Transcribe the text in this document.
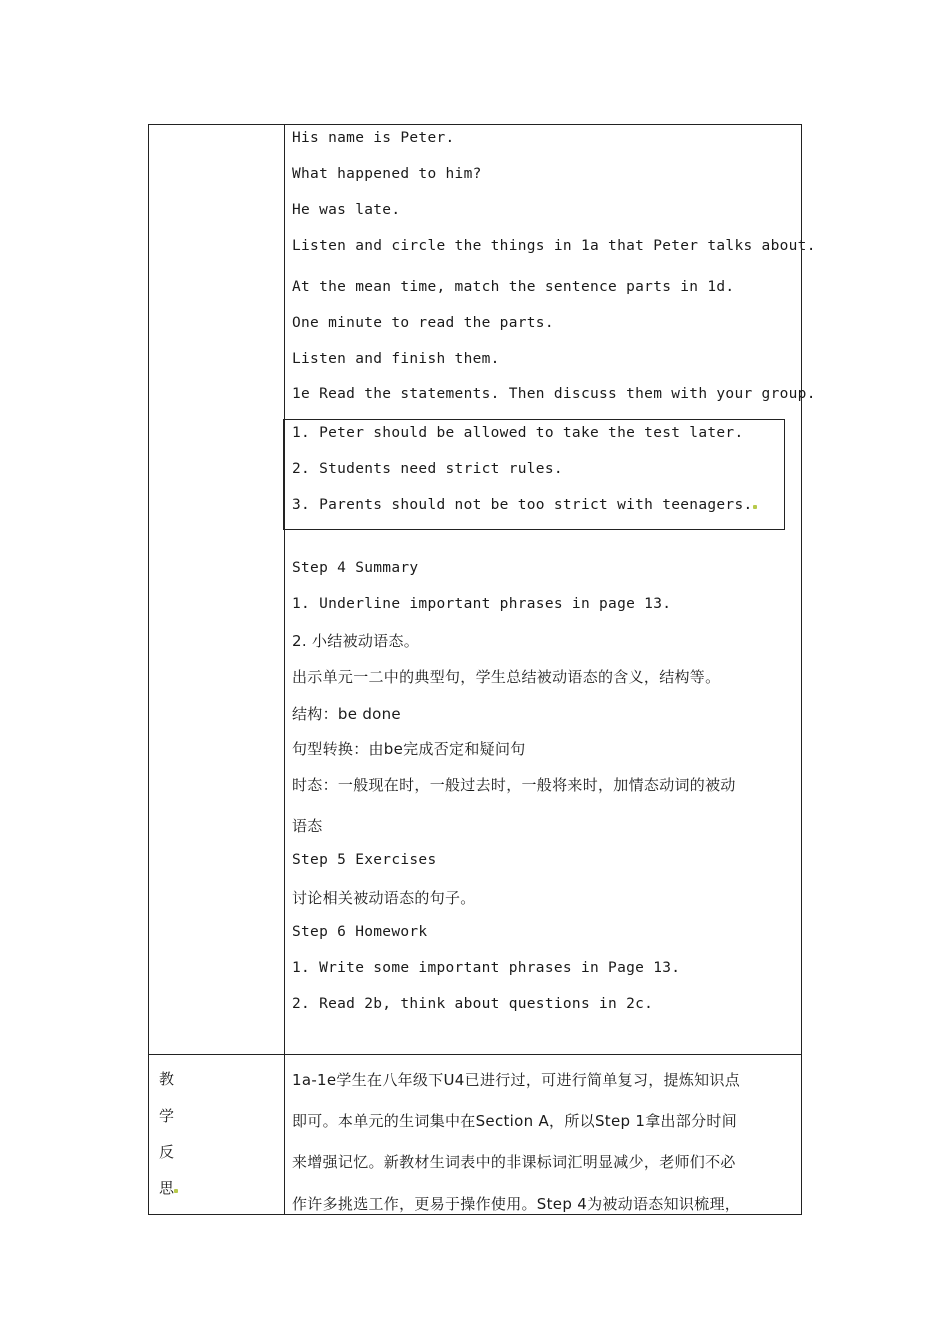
His name is Peter.
What happened to him?
He was late.
Listen and circle the things in 1a that Peter talks about.
At the mean time, match the sentence parts in 1d.
One minute to read the parts.
Listen and finish them.
1e Read the statements. Then discuss them with your group.
1. Peter should be allowed to take the test later.
2. Students need strict rules.
3. Parents should not be too strict with teenagers.
Step 4 Summary
1. Underline important phrases in page 13.
2. 小结被动语态。
出示单元一二中的典型句，学生总结被动语态的含义，结构等。
结构：be done
句型转换：由be完成否定和疑问句
时态：一般现在时，一般过去时，一般将来时，加情态动词的被动
语态
Step 5 Exercises
讨论相关被动语态的句子。
Step 6 Homework
1. Write some important phrases in Page 13.
2. Read 2b, think about questions in 2c.
教
学
反
思
1a-1e学生在八年级下U4已进行过，可进行简单复习，提炼知识点
即可。本单元的生词集中在Section A，所以Step 1拿出部分时间
来增强记忆。新教材生词表中的非课标词汇明显减少，老师们不必
作许多挑选工作，更易于操作使用。Step 4为被动语态知识梳理，
